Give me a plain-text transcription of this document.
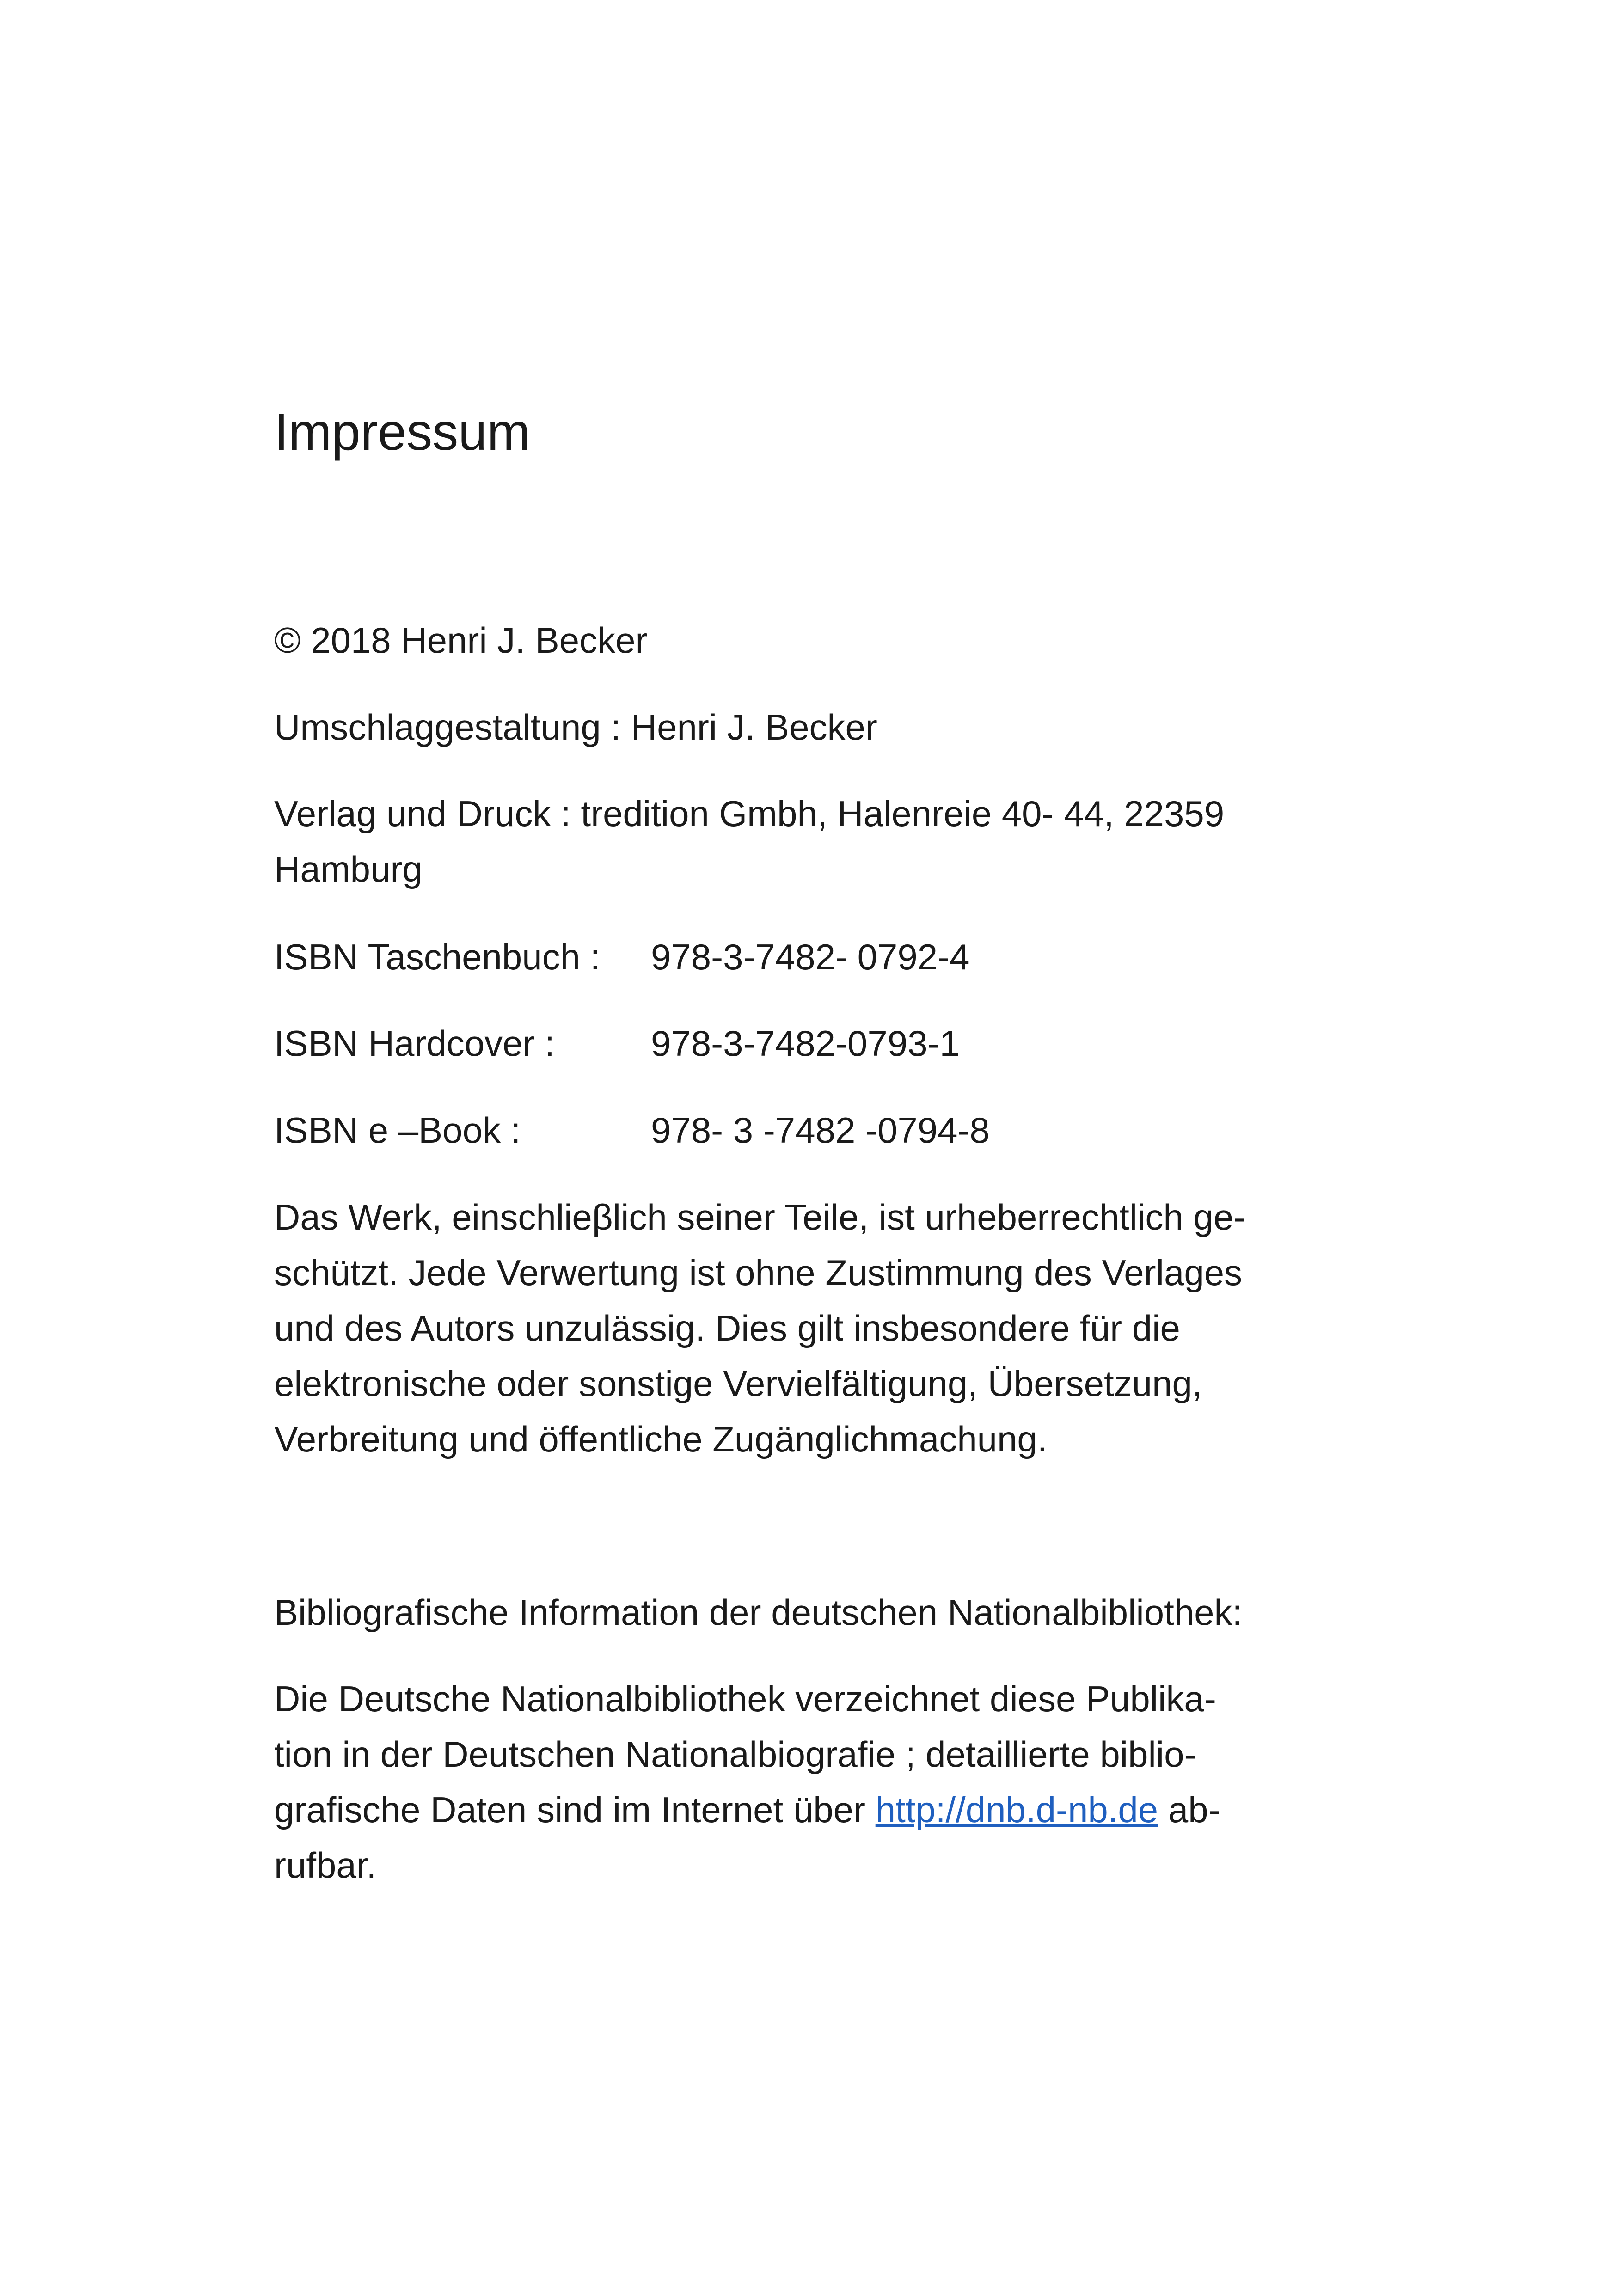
Impressum
© 2018 Henri J. Becker
Umschlaggestaltung : Henri J. Becker
Verlag und Druck : tredition Gmbh, Halenreie 40- 44, 22359
Hamburg
ISBN Taschenbuch : 978-3-7482- 0792-4
ISBN Hardcover :	978-3-7482-0793-1
ISBN e –Book :	978- 3 -7482 -0794-8
Das Werk, einschlieβlich seiner Teile, ist urheberrechtlich ge-
schützt. Jede Verwertung ist ohne Zustimmung des Verlages
und des Autors unzulässig. Dies gilt insbesondere für die
elektronische oder sonstige Vervielfältigung, Übersetzung,
Verbreitung und öffentliche Zugänglichmachung.
Bibliografische Information der deutschen Nationalbibliothek:
Die Deutsche Nationalbibliothek verzeichnet diese Publika-
tion in der Deutschen Nationalbiografie ; detaillierte biblio-
grafische Daten sind im Internet über http://dnb.d-nb.de ab-
rufbar.
